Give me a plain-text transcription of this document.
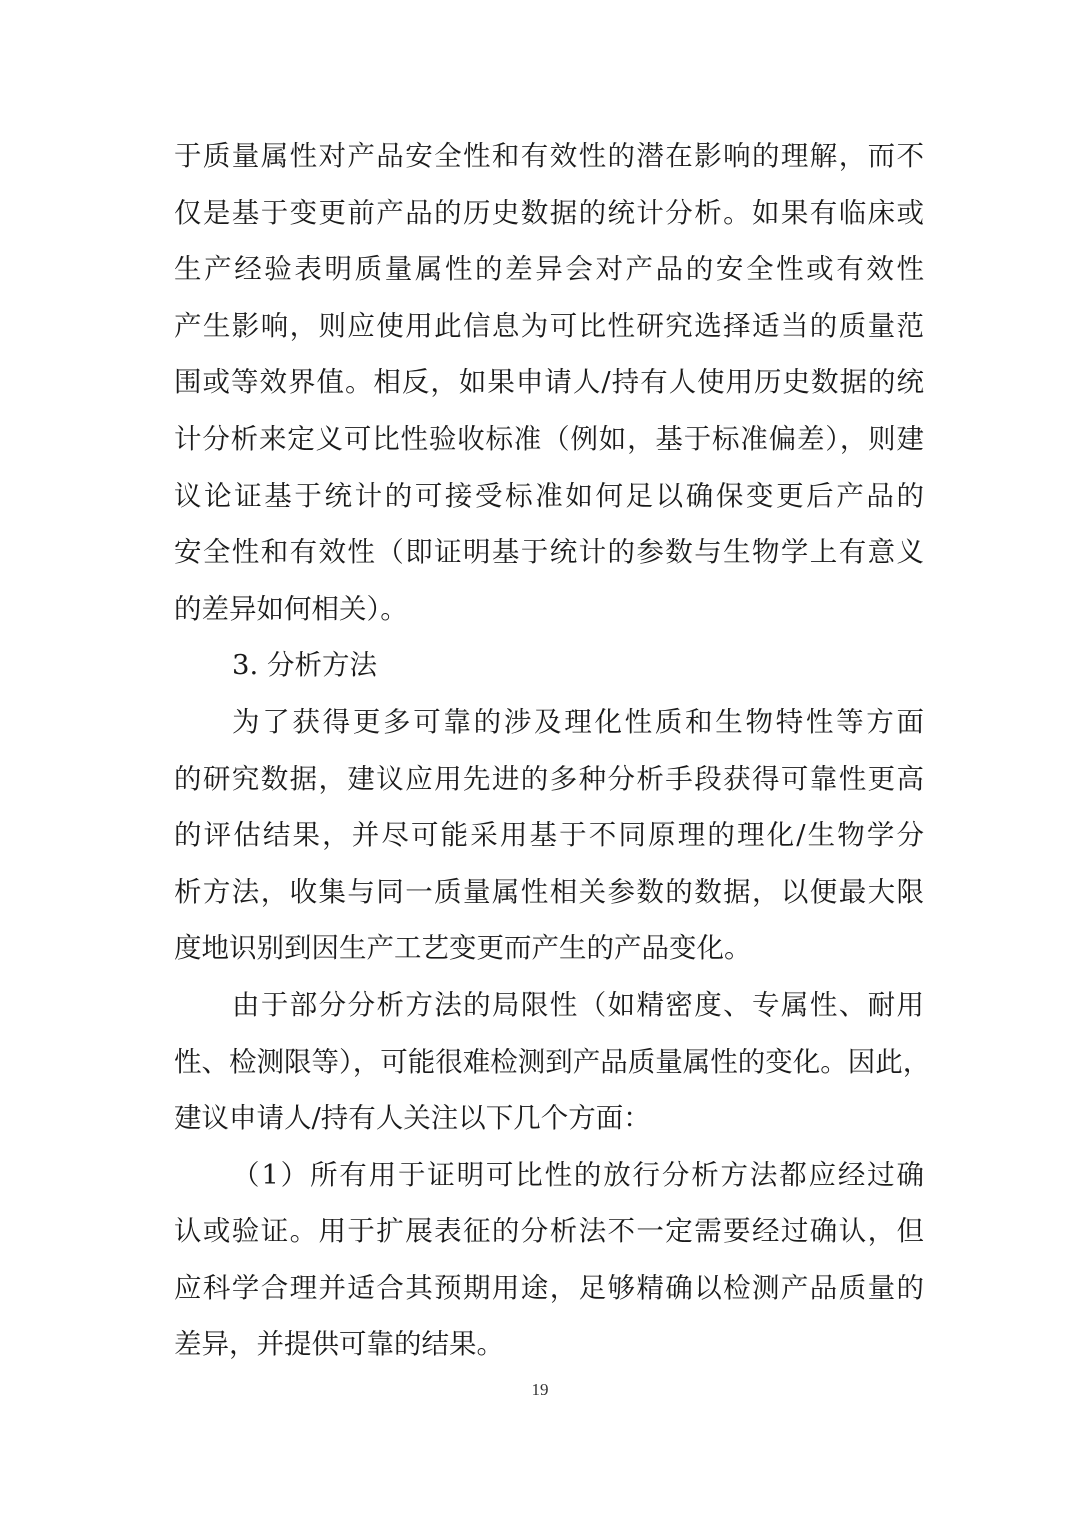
于质量属性对产品安全性和有效性的潜在影响的理解，而不
仅是基于变更前产品的历史数据的统计分析。如果有临床或
生产经验表明质量属性的差异会对产品的安全性或有效性
产生影响，则应使用此信息为可比性研究选择适当的质量范
围或等效界值。相反，如果申请人/持有人使用历史数据的统
计分析来定义可比性验收标准（例如，基于标准偏差），则建
议论证基于统计的可接受标准如何足以确保变更后产品的
安全性和有效性（即证明基于统计的参数与生物学上有意义
的差异如何相关）。
3. 分析方法
为了获得更多可靠的涉及理化性质和生物特性等方面
的研究数据，建议应用先进的多种分析手段获得可靠性更高
的评估结果，并尽可能采用基于不同原理的理化/生物学分
析方法，收集与同一质量属性相关参数的数据，以便最大限
度地识别到因生产工艺变更而产生的产品变化。
由于部分分析方法的局限性（如精密度、专属性、耐用
性、检测限等），可能很难检测到产品质量属性的变化。因此，
建议申请人/持有人关注以下几个方面：
（1）所有用于证明可比性的放行分析方法都应经过确
认或验证。用于扩展表征的分析法不一定需要经过确认，但
应科学合理并适合其预期用途，足够精确以检测产品质量的
差异，并提供可靠的结果。
19
